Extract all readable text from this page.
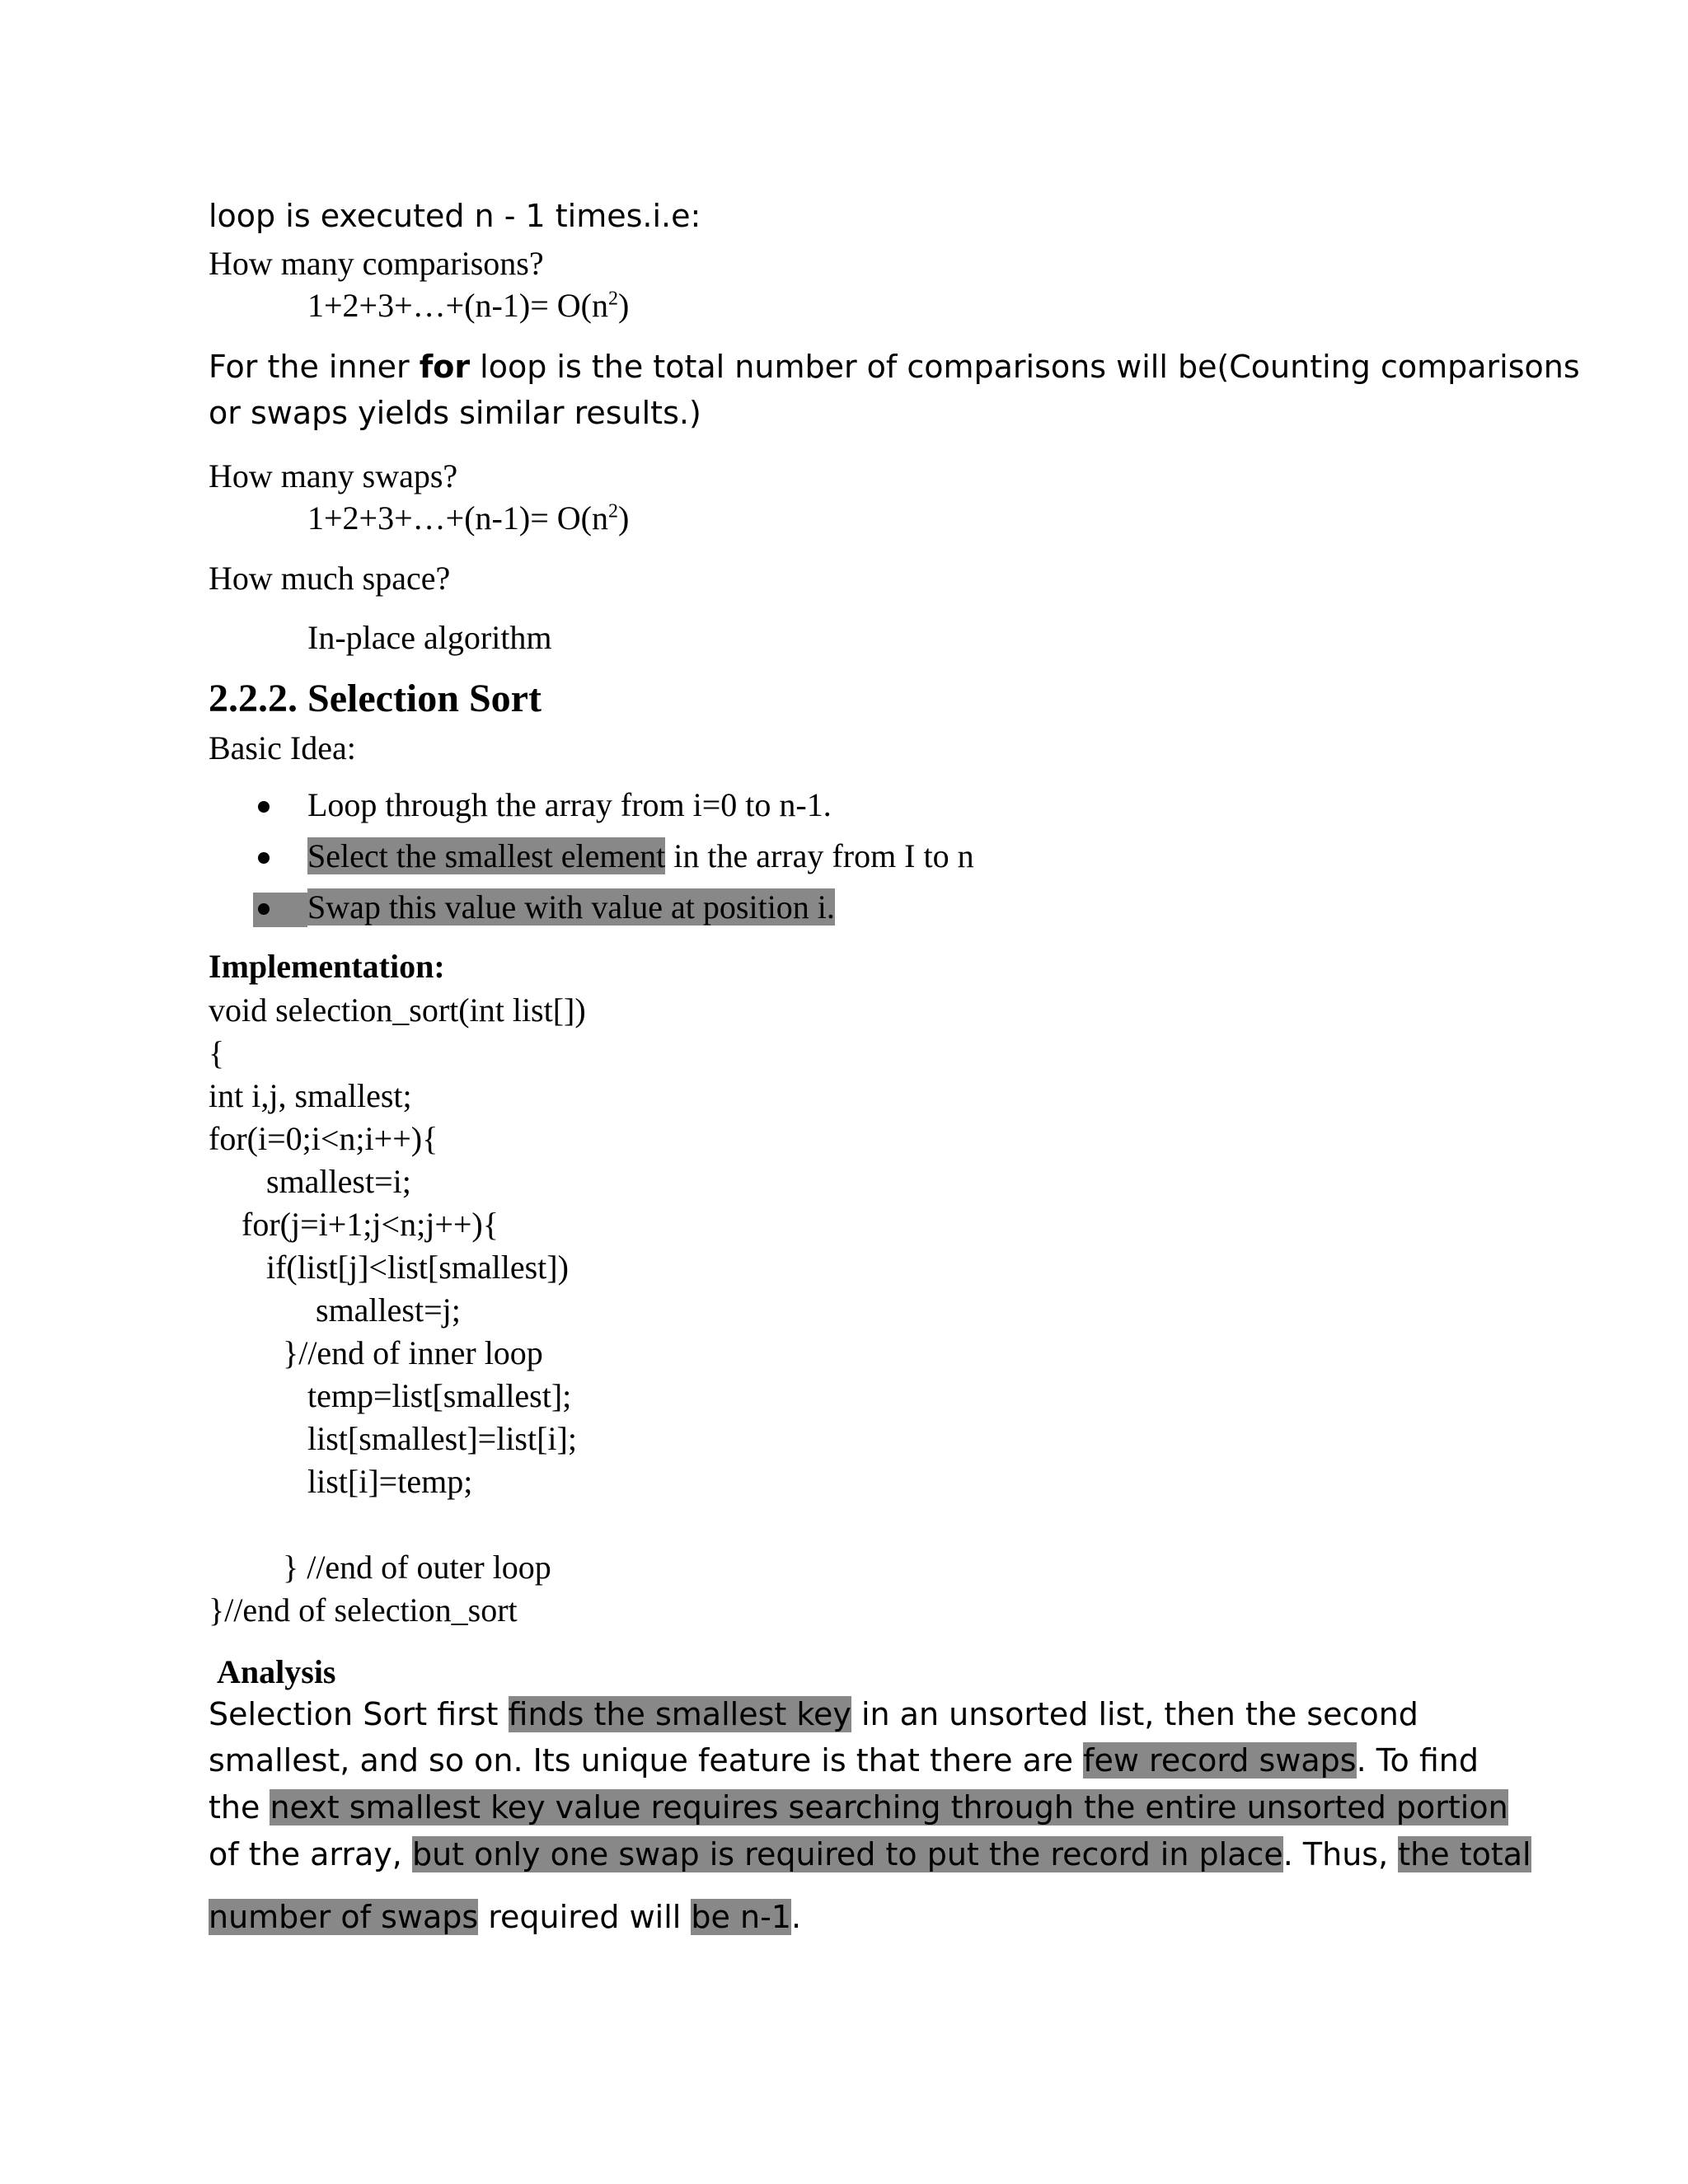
loop is executed n - 1 times.i.e:

How many comparisons?

1+2+3+…+(n-1)= $O(n^2)$

For the inner for loop is the total number of comparisons will be(Counting comparisons

or swaps yields similar results.)

How many swaps?

1+2+3+…+(n-1)= $O(n^2)$

How much space?

In-place algorithm

2.2.2. Selection Sort

Basic Idea:

Loop through the array from i=0 to n-1.

Select the smallest element in the array from I to n

Swap this value with value at position i.

Implementation:

void selection_sort(int list[])

{

int i,j, smallest;

for(i=0;i<n;i++){

smallest=i;

for(j=i+1;j<n;j++){

if(list[j]<list[smallest])

smallest=j;

}//end of inner loop

temp=list[smallest];

list[smallest]=list[i];

list[i]=temp;

} //end of outer loop

}//end of selection_sort

Analysis

Selection Sort first finds the smallest key in an unsorted list, then the second

smallest, and so on. Its unique feature is that there are few record swaps. To find

the next smallest key value requires searching through the entire unsorted portion

of the array, but only one swap is required to put the record in place. Thus, the total

number of swaps required will be n-1.
